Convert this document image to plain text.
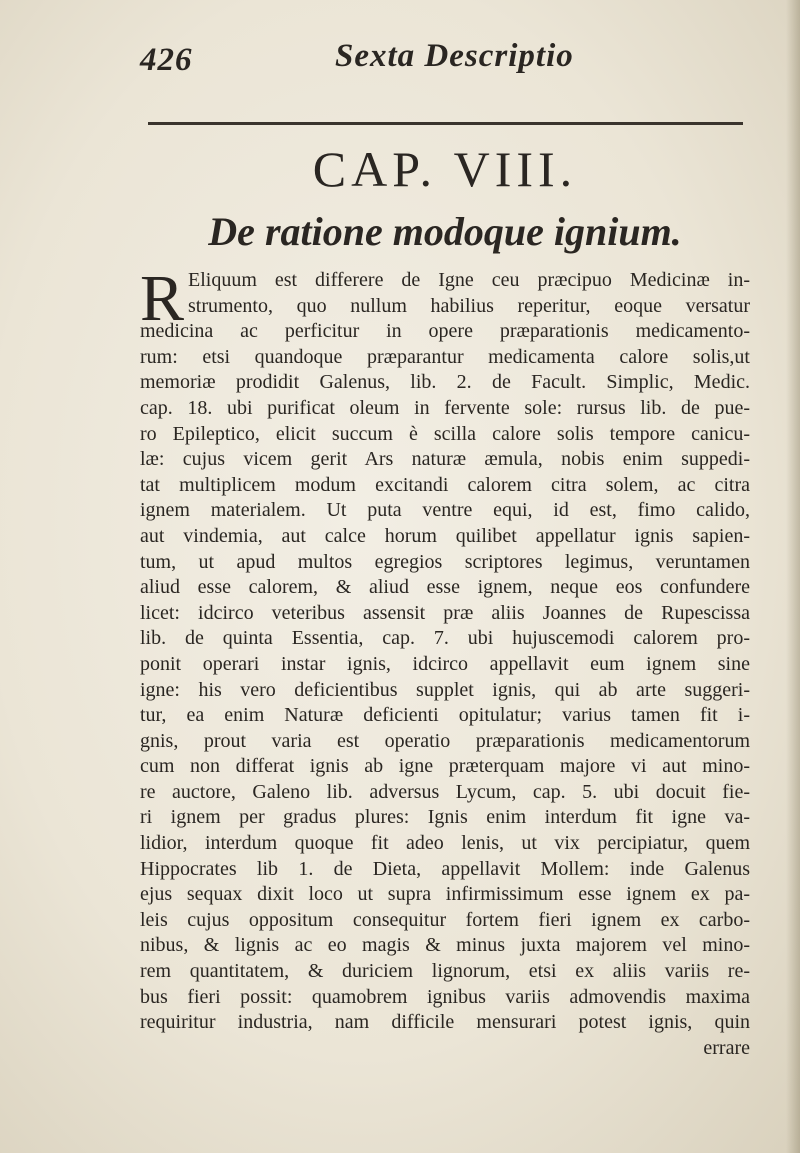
426	Sexta Descriptio
CAP. VIII.
De ratione modoque ignium.
R Eliquum est differere de Igne ceu præcipuo Medicinæ in-
strumento, quo nullum habilius reperitur, eoque versatur
medicina ac perficitur in opere præparationis medicamento-
rum: etsi quandoque præparantur medicamenta calore solis,ut
memoriæ prodidit Galenus, lib. 2. de Facult. Simplic, Medic.
cap. 18. ubi purificat oleum in fervente sole: rursus lib. de pue-
ro Epileptico, elicit succum è scilla calore solis tempore canicu-
læ: cujus vicem gerit Ars naturæ æmula, nobis enim suppedi-
tat multiplicem modum excitandi calorem citra solem, ac citra
ignem materialem. Ut puta ventre equi, id est, fimo calido,
aut vindemia, aut calce horum quilibet appellatur ignis sapien-
tum, ut apud multos egregios scriptores legimus, veruntamen
aliud esse calorem, & aliud esse ignem, neque eos confundere
licet: idcirco veteribus assensit præ aliis Joannes de Rupescissa
lib. de quinta Essentia, cap. 7. ubi hujuscemodi calorem pro-
ponit operari instar ignis, idcirco appellavit eum ignem sine
igne: his vero deficientibus supplet ignis, qui ab arte suggeri-
tur, ea enim Naturæ deficienti opitulatur; varius tamen fit i-
gnis, prout varia est operatio præparationis medicamentorum
cum non differat ignis ab igne præterquam majore vi aut mino-
re auctore, Galeno lib. adversus Lycum, cap. 5. ubi docuit fie-
ri ignem per gradus plures: Ignis enim interdum fit igne va-
lidior, interdum quoque fit adeo lenis, ut vix percipiatur, quem
Hippocrates lib 1. de Dieta, appellavit Mollem: inde Galenus
ejus sequax dixit loco ut supra infirmissimum esse ignem ex pa-
leis cujus oppositum consequitur fortem fieri ignem ex carbo-
nibus, & lignis ac eo magis & minus juxta majorem vel mino-
rem quantitatem, & duriciem lignorum, etsi ex aliis variis re-
bus fieri possit: quamobrem ignibus variis admovendis maxima
requiritur industria, nam difficile mensurari potest ignis, quin
errare
